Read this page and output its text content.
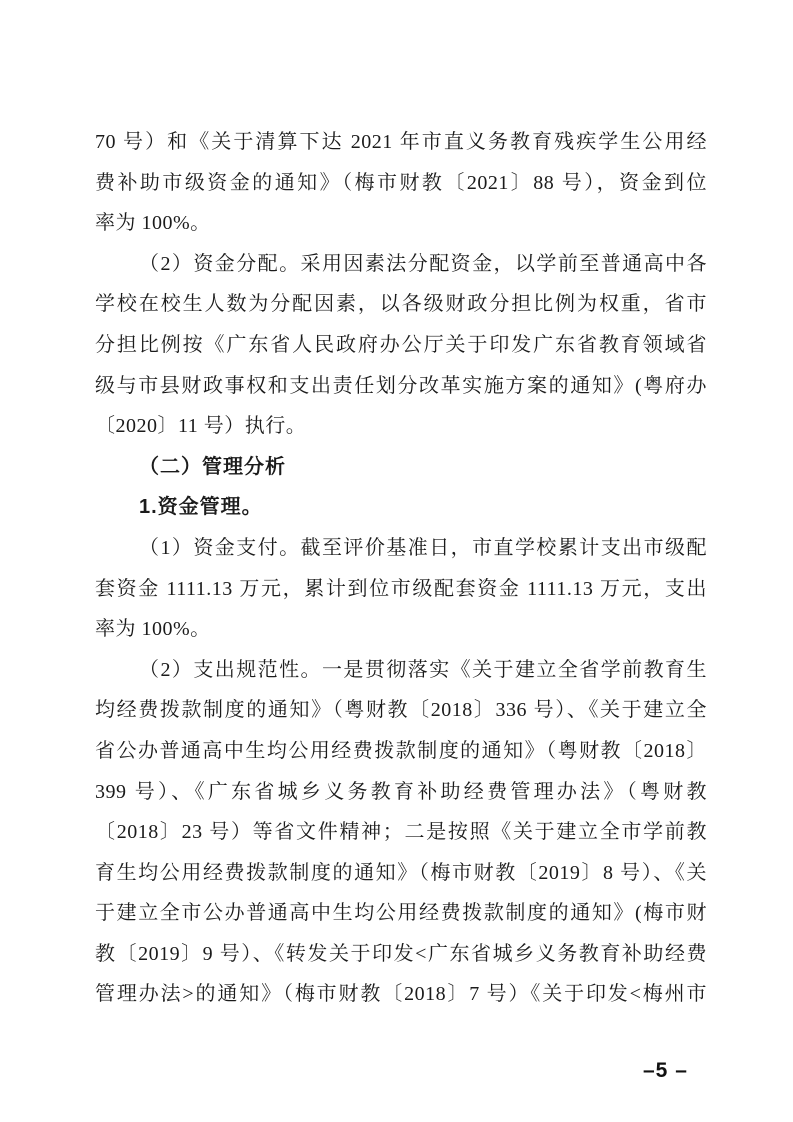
70 号）和《关于清算下达 2021 年市直义务教育残疾学生公用经
费补助市级资金的通知》（梅市财教〔2021〕88 号），资金到位
率为 100%。
（2）资金分配。采用因素法分配资金，以学前至普通高中各
学校在校生人数为分配因素，以各级财政分担比例为权重，省市
分担比例按《广东省人民政府办公厅关于印发广东省教育领域省
级与市县财政事权和支出责任划分改革实施方案的通知》(粤府办
〔2020〕11 号）执行。
（二）管理分析
1.资金管理。
（1）资金支付。截至评价基准日，市直学校累计支出市级配
套资金 1111.13 万元，累计到位市级配套资金 1111.13 万元，支出
率为 100%。
（2）支出规范性。一是贯彻落实《关于建立全省学前教育生
均经费拨款制度的通知》（粤财教〔2018〕336 号）、《关于建立全
省公办普通高中生均公用经费拨款制度的通知》（粤财教〔2018〕
399 号）、《广东省城乡义务教育补助经费管理办法》（粤财教
〔2018〕23 号）等省文件精神；二是按照《关于建立全市学前教
育生均公用经费拨款制度的通知》（梅市财教〔2019〕8 号）、《关
于建立全市公办普通高中生均公用经费拨款制度的通知》(梅市财
教〔2019〕9 号）、《转发关于印发<广东省城乡义务教育补助经费
管理办法>的通知》（梅市财教〔2018〕7 号）《关于印发<梅州市
–5 –
